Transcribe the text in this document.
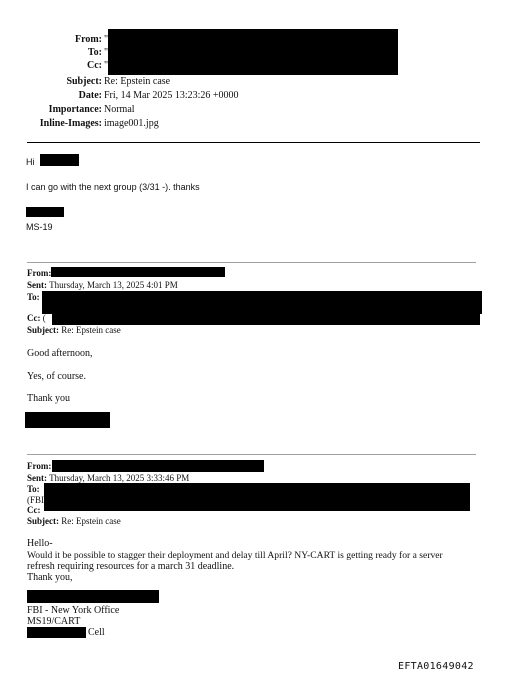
From: "
To: "
Cc: "
Subject: Re: Epstein case
Date: Fri, 14 Mar 2025 13:23:26 +0000
Importance: Normal
Inline-Images: image001.jpg
Hi
I can go with the next group (3/31 -). thanks
MS-19
From:
Sent: Thursday, March 13, 2025 4:01 PM
To:
Cc: (
Subject: Re: Epstein case
Good afternoon,
Yes, of course.
Thank you
From:
Sent: Thursday, March 13, 2025 3:33:46 PM
To:
(FBI
Cc:
Subject: Re: Epstein case
Hello-
Would it be possible to stagger their deployment and delay till April? NY-CART is getting ready for a server
refresh requiring resources for a march 31 deadline.
Thank you,
FBI - New York Office
MS19/CART
Cell
EFTA01649042
